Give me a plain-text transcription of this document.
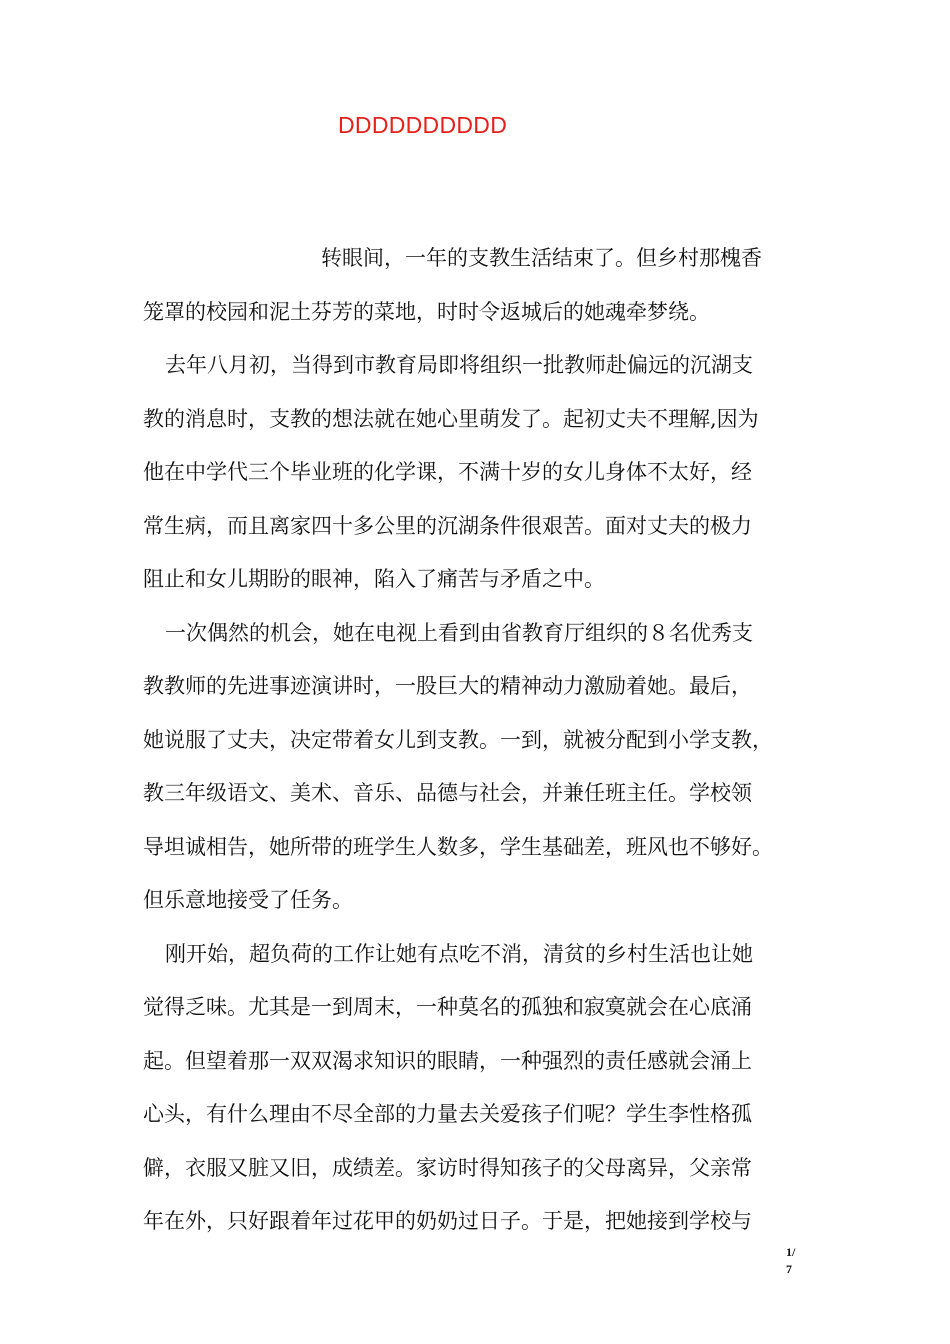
DDDDDDDDDD
转眼间，一年的支教生活结束了。但乡村那槐香
笼罩的校园和泥土芬芳的菜地，时时令返城后的她魂牵梦绕。
去年八月初，当得到市教育局即将组织一批教师赴偏远的沉湖支
教的消息时，支教的想法就在她心里萌发了。起初丈夫不理解,因为
他在中学代三个毕业班的化学课，不满十岁的女儿身体不太好，经
常生病，而且离家四十多公里的沉湖条件很艰苦。面对丈夫的极力
阻止和女儿期盼的眼神，陷入了痛苦与矛盾之中。
一次偶然的机会，她在电视上看到由省教育厅组织的８名优秀支
教教师的先进事迹演讲时，一股巨大的精神动力激励着她。最后，
她说服了丈夫，决定带着女儿到支教。一到，就被分配到小学支教，
教三年级语文、美术、音乐、品德与社会，并兼任班主任。学校领
导坦诚相告，她所带的班学生人数多，学生基础差，班风也不够好。
但乐意地接受了任务。
刚开始，超负荷的工作让她有点吃不消，清贫的乡村生活也让她
觉得乏味。尤其是一到周末，一种莫名的孤独和寂寞就会在心底涌
起。但望着那一双双渴求知识的眼睛，一种强烈的责任感就会涌上
心头，有什么理由不尽全部的力量去关爱孩子们呢？学生李性格孤
僻，衣服又脏又旧，成绩差。家访时得知孩子的父母离异，父亲常
年在外，只好跟着年过花甲的奶奶过日子。于是，把她接到学校与
1/
7
